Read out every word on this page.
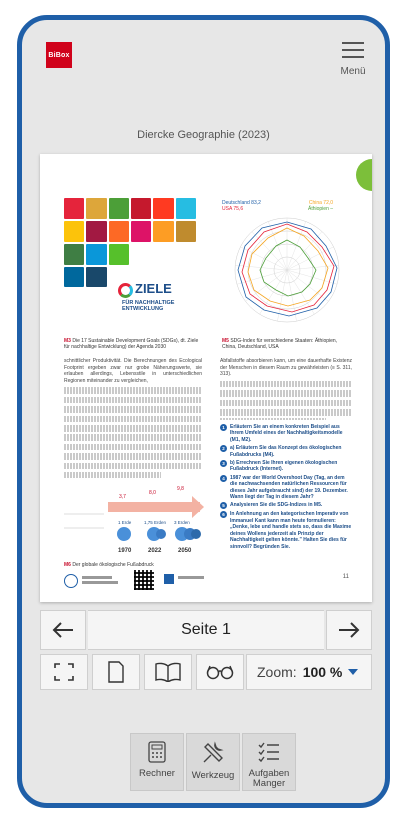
BiBox
Menü
Diercke Geographie (2023)
ZIELE
FÜR NACHHALTIGE ENTWICKLUNG
M3 Die 17 Sustainable Development Goals (SDGs), dt. Ziele für nachhaltige Entwicklung) der Agenda 2030
Deutschland 83,2
USA 75,6
China 72,0
Äthiopien –
M5 SDG-Index für verschiedene Staaten: Äthiopien, China, Deutschland, USA
schnittlicher Produktivität. Die Berechnungen des Ecological Footprint ergeben zwar nur grobe Näherungswerte, sie erlauben allerdings, Lebensstile in unterschiedlichen Regionen miteinander zu vergleichen,
3,7
8,0
9,8
1 Erde	1,75 Erden 3 Erden
1970	2022	2050
M6 Der globale ökologische Fußabdruck
Abfallstoffe absorbieren kann, um eine dauerhafte Existenz der Menschen in diesem Raum zu gewährleisten (≡ S. 311, 313).
1	Erläutern Sie an einem konkreten Beispiel aus Ihrem Umfeld eines der Nachhaltigkeitsmodelle (M1, M2).
2	a) Erläutern Sie das Konzept des ökologischen Fußabdrucks (M4).
3	b) Errechnen Sie Ihren eigenen ökologischen Fußabdruck (Internet).
4	1987 war der World Overshoot Day (Tag, an dem die nachwachsenden natürlichen Ressourcen für dieses Jahr aufgebraucht sind) der 19. Dezember. Wann liegt der Tag in diesem Jahr?
5	Analysieren Sie die SDG-Indizes in M5.
6	In Anlehnung an den kategorischen Imperativ von Immanuel Kant kann man heute formulieren: „Denke, lebe und handle stets so, dass die Maxime deines Wollens jederzeit als Prinzip der Nachhaltigkeit gelten könnte." Halten Sie dies für sinnvoll? Begründen Sie.
11
Seite 1
Zoom: 100 %
Rechner Werkzeug	Aufgaben Manger
